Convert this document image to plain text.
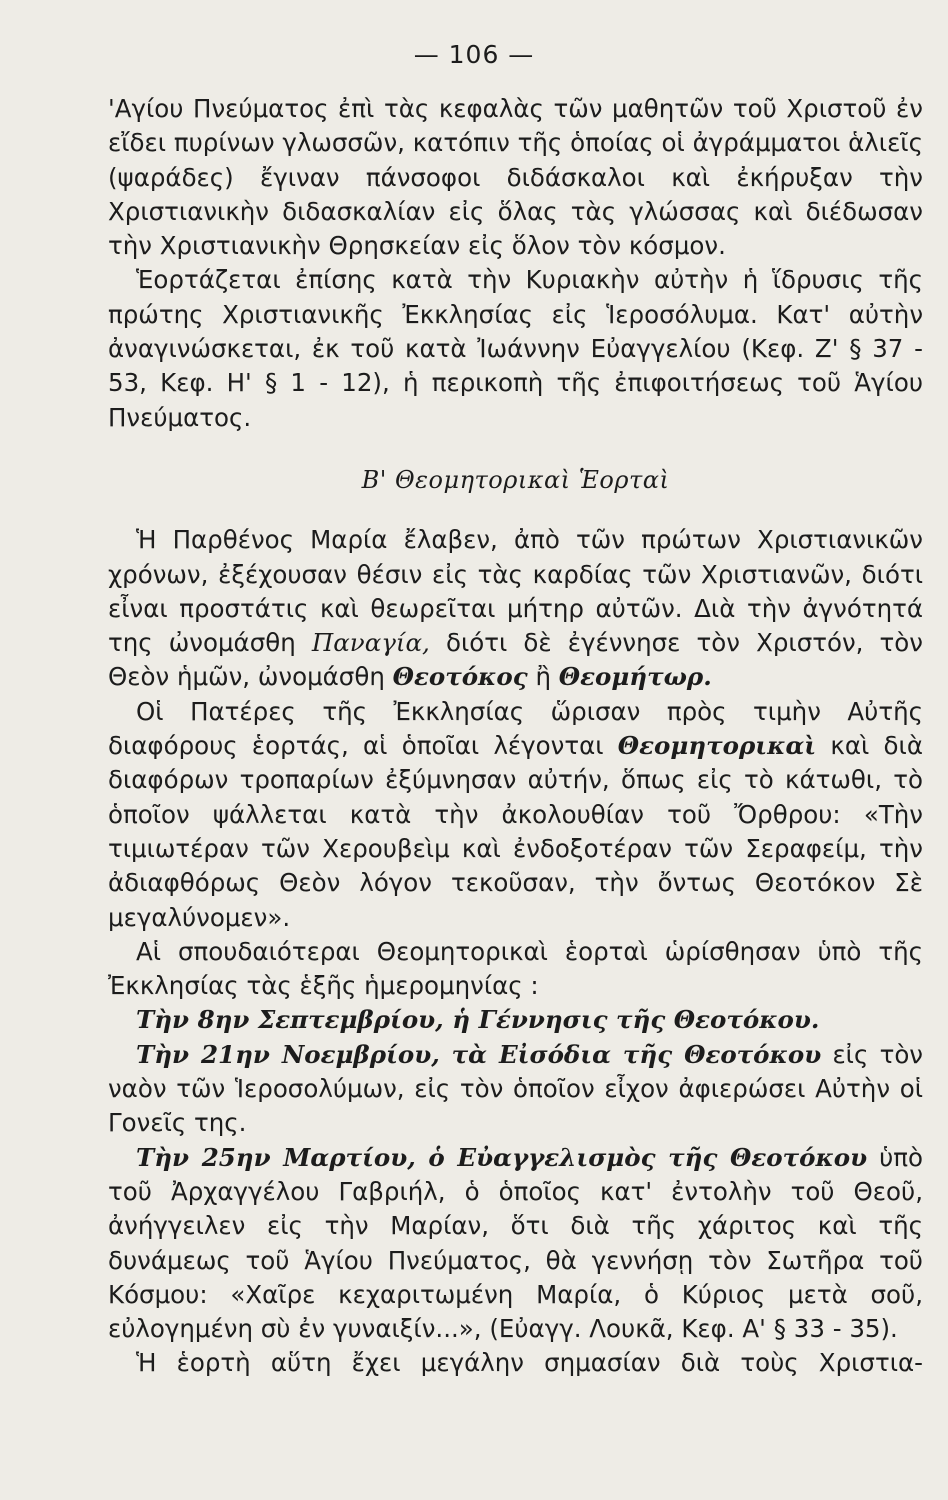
— 106 —

'Αγίου Πνεύματος ἐπὶ τὰς κεφαλὰς τῶν μαθητῶν τοῦ Χριστοῦ ἐν εἴδει πυρίνων γλωσσῶν, κατόπιν τῆς ὁποίας οἱ ἀγράμματοι ἁλιεῖς (ψαράδες) ἔγιναν πάνσοφοι διδάσκαλοι καὶ ἐκήρυξαν τὴν Χριστιανικὴν διδασκαλίαν εἰς ὅλας τὰς γλώσσας καὶ διέδωσαν τὴν Χριστιανικὴν Θρησκείαν εἰς ὅλον τὸν κόσμον.

Ἑορτάζεται ἐπίσης κατὰ τὴν Κυριακὴν αὐτὴν ἡ ἵδρυσις τῆς πρώτης Χριστιανικῆς Ἐκκλησίας εἰς Ἱεροσόλυμα. Κατ' αὐτὴν ἀναγινώσκεται, ἐκ τοῦ κατὰ Ἰωάννην Εὐαγγελίου (Κεφ. Ζ' § 37 - 53, Κεφ. Η' § 1 - 12), ἡ περικοπὴ τῆς ἐπιφοιτήσεως τοῦ Ἁγίου Πνεύματος.

Β' Θεομητορικαὶ Ἑορταὶ

Ἡ Παρθένος Μαρία ἔλαβεν, ἀπὸ τῶν πρώτων Χριστιανικῶν χρόνων, ἐξέχουσαν θέσιν εἰς τὰς καρδίας τῶν Χριστιανῶν, διότι εἶναι προστάτις καὶ θεωρεῖται μήτηρ αὐτῶν. Διὰ τὴν ἀγνότητά της ὠνομάσθη Παναγία, διότι δὲ ἐγέννησε τὸν Χριστόν, τὸν Θεὸν ἡμῶν, ὠνομάσθη Θεοτόκος ἢ Θεομήτωρ.

Οἱ Πατέρες τῆς Ἐκκλησίας ὥρισαν πρὸς τιμὴν Αὐτῆς διαφόρους ἑορτάς, αἱ ὁποῖαι λέγονται Θεομητορικαὶ καὶ διὰ διαφόρων τροπαρίων ἐξύμνησαν αὐτήν, ὅπως εἰς τὸ κάτωθι, τὸ ὁποῖον ψάλλεται κατὰ τὴν ἀκολουθίαν τοῦ Ὄρθρου: «Τὴν τιμιωτέραν τῶν Χερουβεὶμ καὶ ἐνδοξοτέραν τῶν Σεραφείμ, τὴν ἀδιαφθόρως Θεὸν λόγον τεκοῦσαν, τὴν ὄντως Θεοτόκον Σὲ μεγαλύνομεν».

Αἱ σπουδαιότεραι Θεομητορικαὶ ἑορταὶ ὡρίσθησαν ὑπὸ τῆς Ἐκκλησίας τὰς ἑξῆς ἡμερομηνίας :

Τὴν 8ην Σεπτεμβρίου, ἡ Γέννησις τῆς Θεοτόκου.

Τὴν 21ην Νοεμβρίου, τὰ Εἰσόδια τῆς Θεοτόκου εἰς τὸν ναὸν τῶν Ἱεροσολύμων, εἰς τὸν ὁποῖον εἶχον ἀφιερώσει Αὐτὴν οἱ Γονεῖς της.

Τὴν 25ην Μαρτίου, ὁ Εὐαγγελισμὸς τῆς Θεοτόκου ὑπὸ τοῦ Ἀρχαγγέλου Γαβριήλ, ὁ ὁποῖος κατ' ἐντολὴν τοῦ Θεοῦ, ἀνήγγειλεν εἰς τὴν Μαρίαν, ὅτι διὰ τῆς χάριτος καὶ τῆς δυνάμεως τοῦ Ἁγίου Πνεύματος, θὰ γεννήσῃ τὸν Σωτῆρα τοῦ Κόσμου: «Χαῖρε κεχαριτωμένη Μαρία, ὁ Κύριος μετὰ σοῦ, εὐλογημένη σὺ ἐν γυναιξίν...», (Εὐαγγ. Λουκᾶ, Κεφ. Α' § 33 - 35).

Ἡ ἑορτὴ αὕτη ἔχει μεγάλην σημασίαν διὰ τοὺς Χριστια-
